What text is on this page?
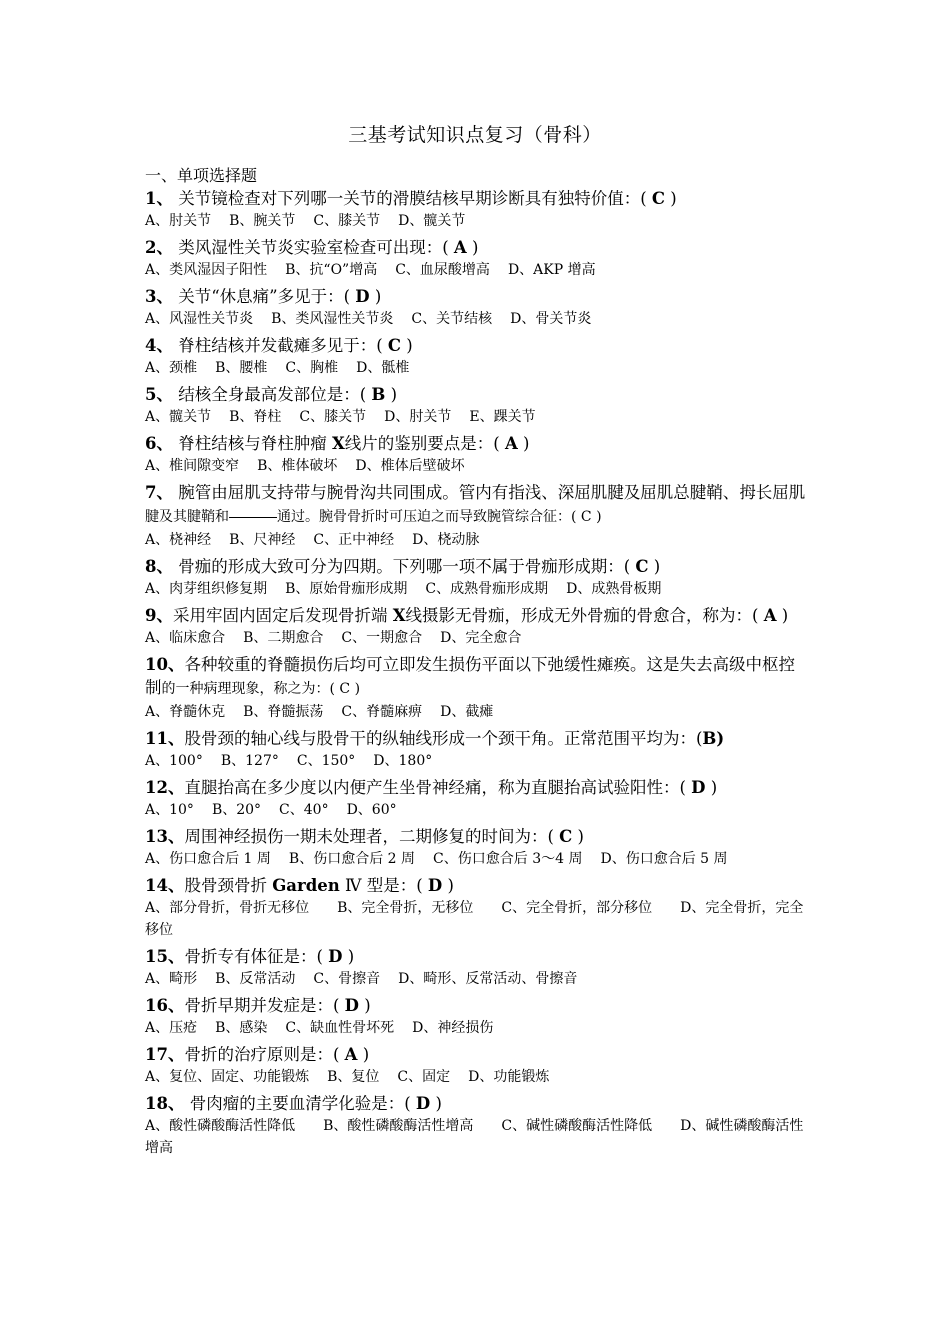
三基考试知识点复习（骨科）
一、单项选择题

1、 关节镜检查对下列哪一关节的滑膜结核早期诊断具有独特价值：( C )

A、肘关节 B、腕关节 C、膝关节 D、髋关节

2、 类风湿性关节炎实验室检查可出现：( A )

A、类风湿因子阳性 B、抗“O”增高 C、血尿酸增高 D、AKP 增高

3、 关节“休息痛”多见于：( D )

A、风湿性关节炎 B、类风湿性关节炎 C、关节结核 D、骨关节炎

4、 脊柱结核并发截瘫多见于：( C )

A、颈椎 B、腰椎 C、胸椎 D、骶椎

5、 结核全身最高发部位是：( B )

A、髋关节 B、脊柱 C、膝关节 D、肘关节 E、踝关节

6、 脊柱结核与脊柱肿瘤 X线片的鉴别要点是：( A )

A、椎间隙变窄 B、椎体破坏 D、椎体后壁破坏

7、 腕管由屈肌支持带与腕骨沟共同围成。管内有指浅、深屈肌腱及屈肌总腱鞘、拇长屈肌腱及其腱鞘和	通过。腕骨骨折时可压迫之而导致腕管综合征：( C )

A、桡神经 B、尺神经 C、正中神经 D、桡动脉

8、 骨痂的形成大致可分为四期。下列哪一项不属于骨痂形成期：( C )

A、肉芽组织修复期 B、原始骨痂形成期 C、成熟骨痂形成期 D、成熟骨板期

9、采用牢固内固定后发现骨折端 X线摄影无骨痂，形成无外骨痂的骨愈合，称为：( A )

A、临床愈合 B、二期愈合 C、一期愈合 D、完全愈合

10、各种较重的脊髓损伤后均可立即发生损伤平面以下弛缓性瘫痪。这是失去高级中枢控制的一种病理现象，称之为：( C )

A、脊髓休克 B、脊髓振荡 C、脊髓麻痹 D、截瘫

11、股骨颈的轴心线与股骨干的纵轴线形成一个颈干角。正常范围平均为：(B)

A、100° B、127° C、150° D、180°

12、直腿抬高在多少度以内便产生坐骨神经痛，称为直腿抬高试验阳性：( D )

A、10° B、20° C、40° D、60°

13、周围神经损伤一期未处理者，二期修复的时间为：( C )

A、伤口愈合后 1 周 B、伤口愈合后 2 周 C、伤口愈合后 3～4 周 D、伤口愈合后 5 周

14、股骨颈骨折 Garden Ⅳ 型是：( D )

A、部分骨折，骨折无移位　　B、完全骨折，无移位　　C、完全骨折，部分移位　　D、完全骨折，完全移位

15、骨折专有体征是：( D )

A、畸形 B、反常活动 C、骨擦音 D、畸形、反常活动、骨擦音

16、骨折早期并发症是：( D )

A、压疮 B、感染 C、缺血性骨坏死 D、神经损伤

17、骨折的治疗原则是：( A )

A、复位、固定、功能锻炼 B、复位 C、固定 D、功能锻炼

18、 骨肉瘤的主要血清学化验是：( D )

A、酸性磷酸酶活性降低　　B、酸性磷酸酶活性增高　　C、碱性磷酸酶活性降低　　D、碱性磷酸酶活性增高
